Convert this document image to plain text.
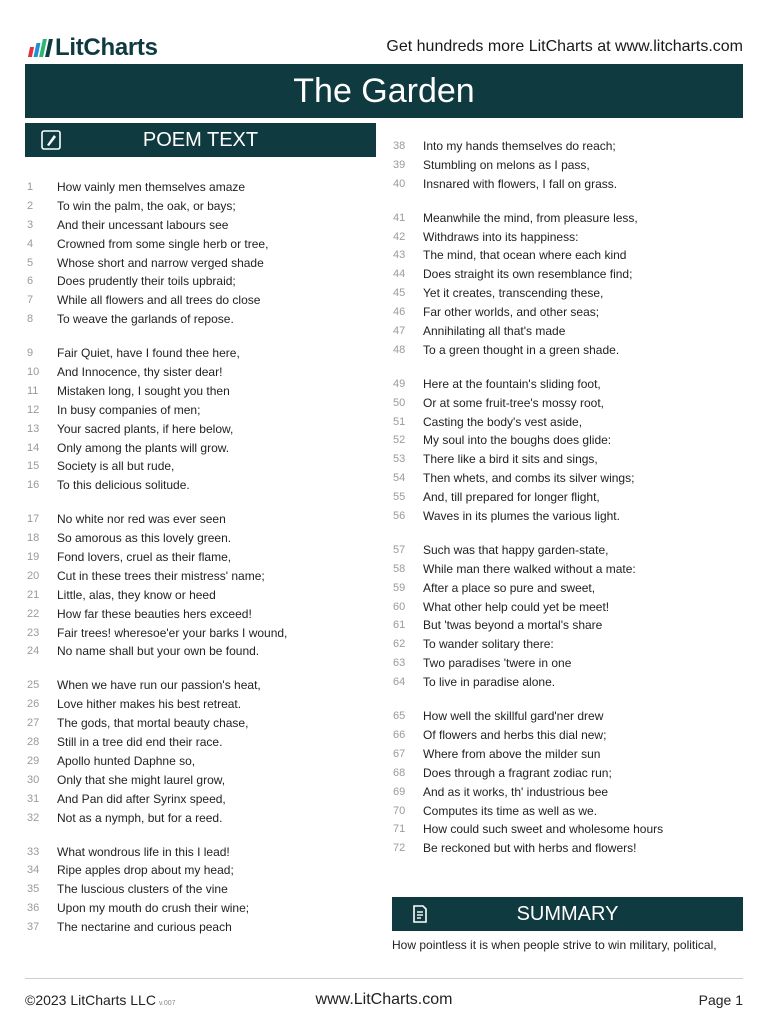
LitCharts	Get hundreds more LitCharts at www.litcharts.com
The Garden
POEM TEXT
1	How vainly men themselves amaze
2	To win the palm, the oak, or bays;
3	And their uncessant labours see
4	Crowned from some single herb or tree,
5	Whose short and narrow verged shade
6	Does prudently their toils upbraid;
7	While all flowers and all trees do close
8	To weave the garlands of repose.
9	Fair Quiet, have I found thee here,
10	And Innocence, thy sister dear!
11	Mistaken long, I sought you then
12	In busy companies of men;
13	Your sacred plants, if here below,
14	Only among the plants will grow.
15	Society is all but rude,
16	To this delicious solitude.
17	No white nor red was ever seen
18	So amorous as this lovely green.
19	Fond lovers, cruel as their flame,
20	Cut in these trees their mistress' name;
21	Little, alas, they know or heed
22	How far these beauties hers exceed!
23	Fair trees! wheresoe'er your barks I wound,
24	No name shall but your own be found.
25	When we have run our passion's heat,
26	Love hither makes his best retreat.
27	The gods, that mortal beauty chase,
28	Still in a tree did end their race.
29	Apollo hunted Daphne so,
30	Only that she might laurel grow,
31	And Pan did after Syrinx speed,
32	Not as a nymph, but for a reed.
33	What wondrous life in this I lead!
34	Ripe apples drop about my head;
35	The luscious clusters of the vine
36	Upon my mouth do crush their wine;
37	The nectarine and curious peach
38	Into my hands themselves do reach;
39	Stumbling on melons as I pass,
40	Insnared with flowers, I fall on grass.
41	Meanwhile the mind, from pleasure less,
42	Withdraws into its happiness:
43	The mind, that ocean where each kind
44	Does straight its own resemblance find;
45	Yet it creates, transcending these,
46	Far other worlds, and other seas;
47	Annihilating all that's made
48	To a green thought in a green shade.
49	Here at the fountain's sliding foot,
50	Or at some fruit-tree's mossy root,
51	Casting the body's vest aside,
52	My soul into the boughs does glide:
53	There like a bird it sits and sings,
54	Then whets, and combs its silver wings;
55	And, till prepared for longer flight,
56	Waves in its plumes the various light.
57	Such was that happy garden-state,
58	While man there walked without a mate:
59	After a place so pure and sweet,
60	What other help could yet be meet!
61	But 'twas beyond a mortal's share
62	To wander solitary there:
63	Two paradises 'twere in one
64	To live in paradise alone.
65	How well the skillful gard'ner drew
66	Of flowers and herbs this dial new;
67	Where from above the milder sun
68	Does through a fragrant zodiac run;
69	And as it works, th' industrious bee
70	Computes its time as well as we.
71	How could such sweet and wholesome hours
72	Be reckoned but with herbs and flowers!
SUMMARY
How pointless it is when people strive to win military, political,
©2023 LitCharts LLC v.007	www.LitCharts.com	Page 1
